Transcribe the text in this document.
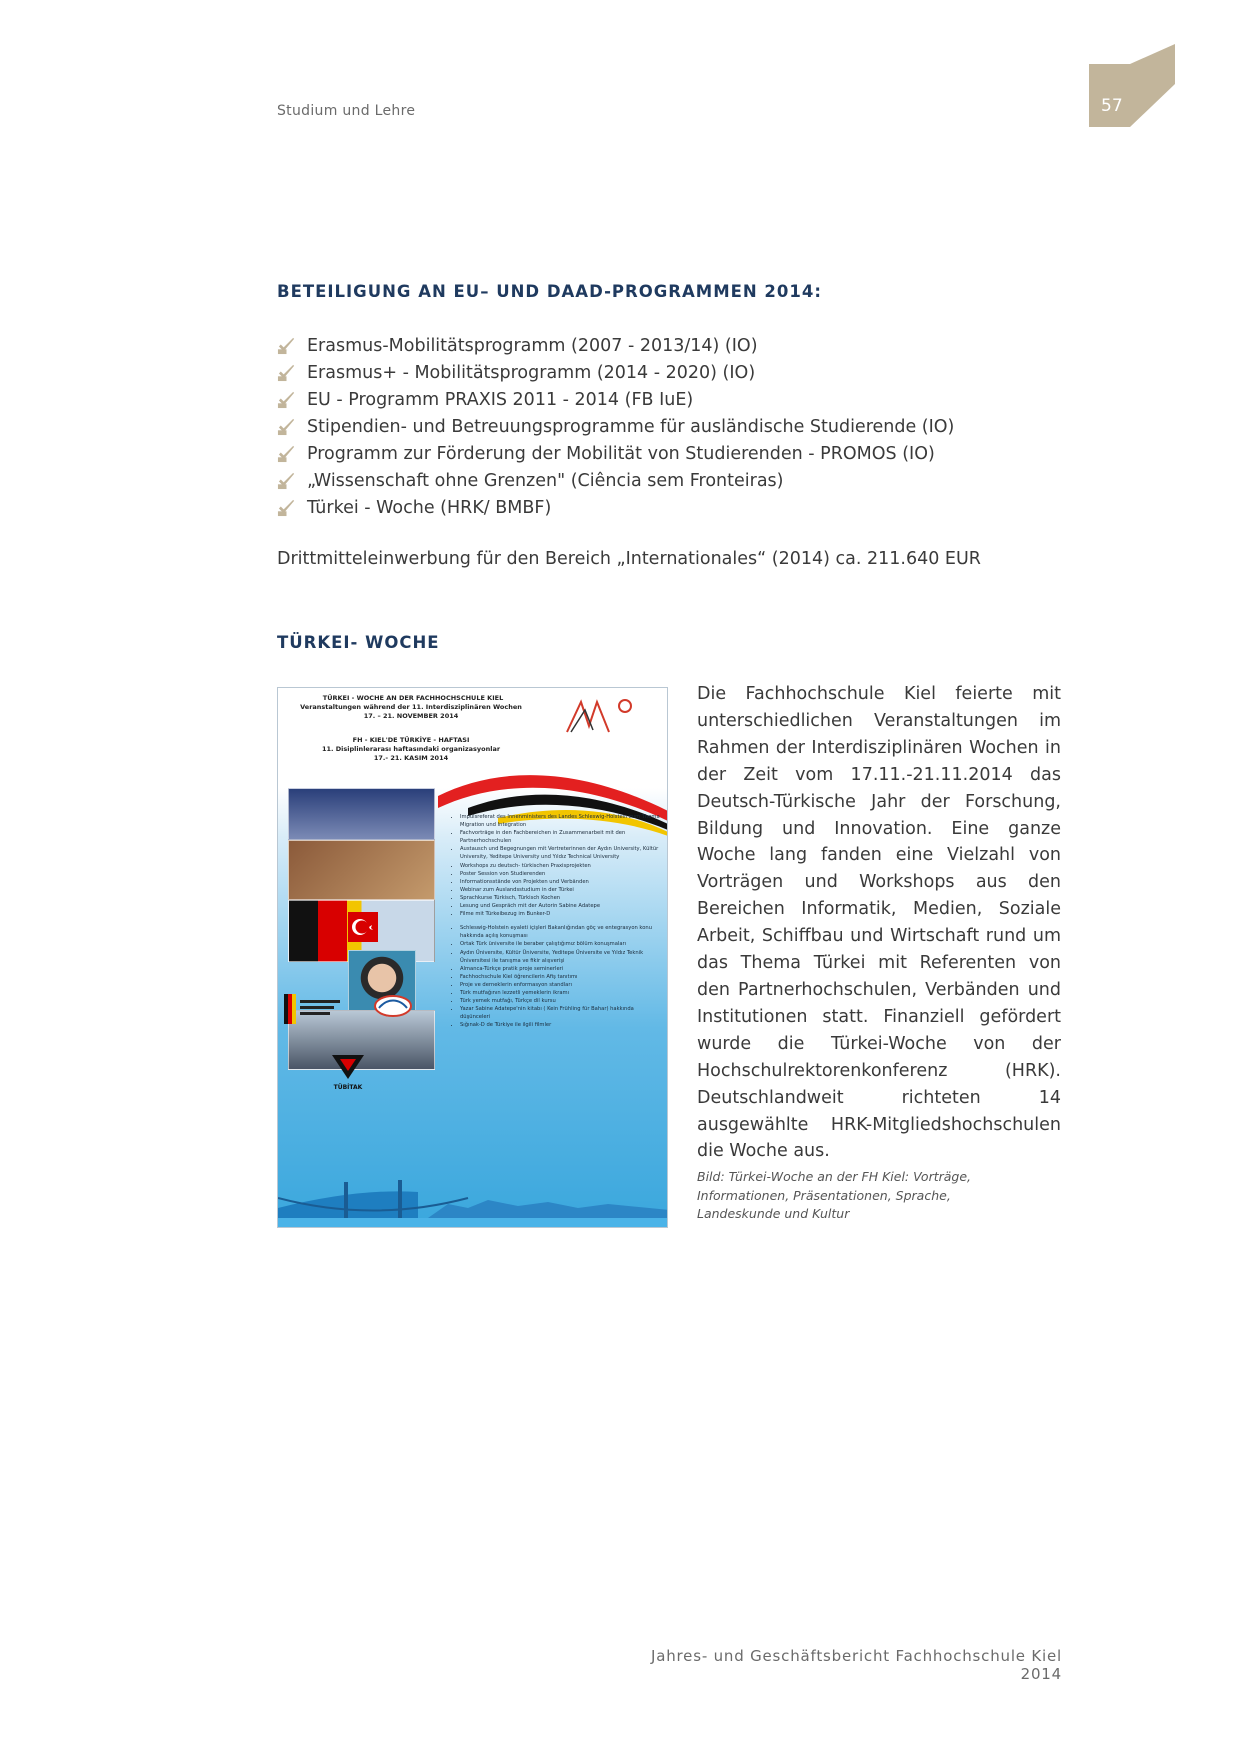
Studium und Lehre	57
BETEILIGUNG AN EU– UND DAAD-PROGRAMMEN 2014:
Erasmus-Mobilitätsprogramm (2007 - 2013/14) (IO)
Erasmus+ - Mobilitätsprogramm (2014 - 2020) (IO)
EU - Programm PRAXIS 2011 - 2014 (FB IuE)
Stipendien- und Betreuungsprogramme für ausländische Studierende (IO)
Programm zur Förderung der Mobilität von Studierenden - PROMOS (IO)
„Wissenschaft ohne Grenzen" (Ciência sem Fronteiras)
Türkei - Woche (HRK/ BMBF)
Drittmitteleinwerbung für den Bereich „Internationales“ (2014) ca. 211.640 EUR
TÜRKEI- WOCHE
TÜRKEI - WOCHE AN DER FACHHOCHSCHULE KIEL
Veranstaltungen während der 11. Interdisziplinären Wochen
17. – 21. NOVEMBER 2014
FH - KIEL'DE TÜRKİYE - HAFTASI
11. Disiplinlerarası haftasındaki organizasyonlar
17.- 21. KASIM 2014
• Impulsreferat des Innenministers des Landes Schleswig-Holstein zum Thema Migration und Integration
• Fachvorträge in den Fachbereichen in Zusammenarbeit mit den Partnerhochschulen
• Austausch und Begegnungen mit Vertreterinnen der Aydın University, Kültür University, Yeditepe University und Yıldız Technical University
• Workshops zu deutsch- türkischen Praxisprojekten
• Poster Session von Studierenden
• Informationsstände von Projekten und Verbänden
• Webinar zum Auslandsstudium in der Türkei
• Sprachkurse Türkisch, Türkisch Kochen
• Lesung und Gespräch mit der Autorin Sabine Adatepe
• Filme mit Türkeibezug im Bunker-D
• Schleswig-Holstein eyaleti içişleri Bakanlığından göç ve entegrasyon konu hakkında açılış konuşması
• Ortak Türk üniversite ile beraber çalıştığımız bölüm konuşmaları
• Aydın Üniversite, Kültür Üniversite, Yeditepe Üniversite ve Yıldız Teknik Üniversitesi ile tanışma ve fikir alışverişi
• Almanca-Türkçe pratik proje seminerleri
• Fachhochschule Kiel öğrencilerin Afiş tanıtımı
• Proje ve derneklerin enformasyon standları
• Türk mutfağının lezzetli yemeklerin ikramı
• Türk yemek mutfağı, Türkçe dil kursu
• Yazar Sabine Adatepe'nin kitabı ( Kein Frühling für Bahar) hakkında düşünceleri
• Sığınak-D de Türkiye ile ilgili filmler
TÜBİTAK

Die Fachhochschule Kiel feierte mit unterschiedlichen Veranstaltungen im Rahmen der Interdisziplinären Wochen in der Zeit vom 17.11.-21.11.2014 das Deutsch-Türkische Jahr der Forschung, Bildung und Innovation. Eine ganze Woche lang fanden eine Vielzahl von Vorträgen und Workshops aus den Bereichen Informatik, Medien, Soziale Arbeit, Schiffbau und Wirtschaft rund um das Thema Türkei mit Referenten von den Partnerhochschulen, Verbänden und Institutionen statt. Finanziell gefördert wurde die Türkei-Woche von der Hochschulrektorenkonferenz (HRK). Deutschlandweit richteten 14 ausgewählte HRK-Mitgliedshochschulen die Woche aus.

Bild: Türkei-Woche an der FH Kiel: Vorträge, Informationen, Präsentationen, Sprache, Landeskunde und Kultur

Jahres- und Geschäftsbericht Fachhochschule Kiel 2014
